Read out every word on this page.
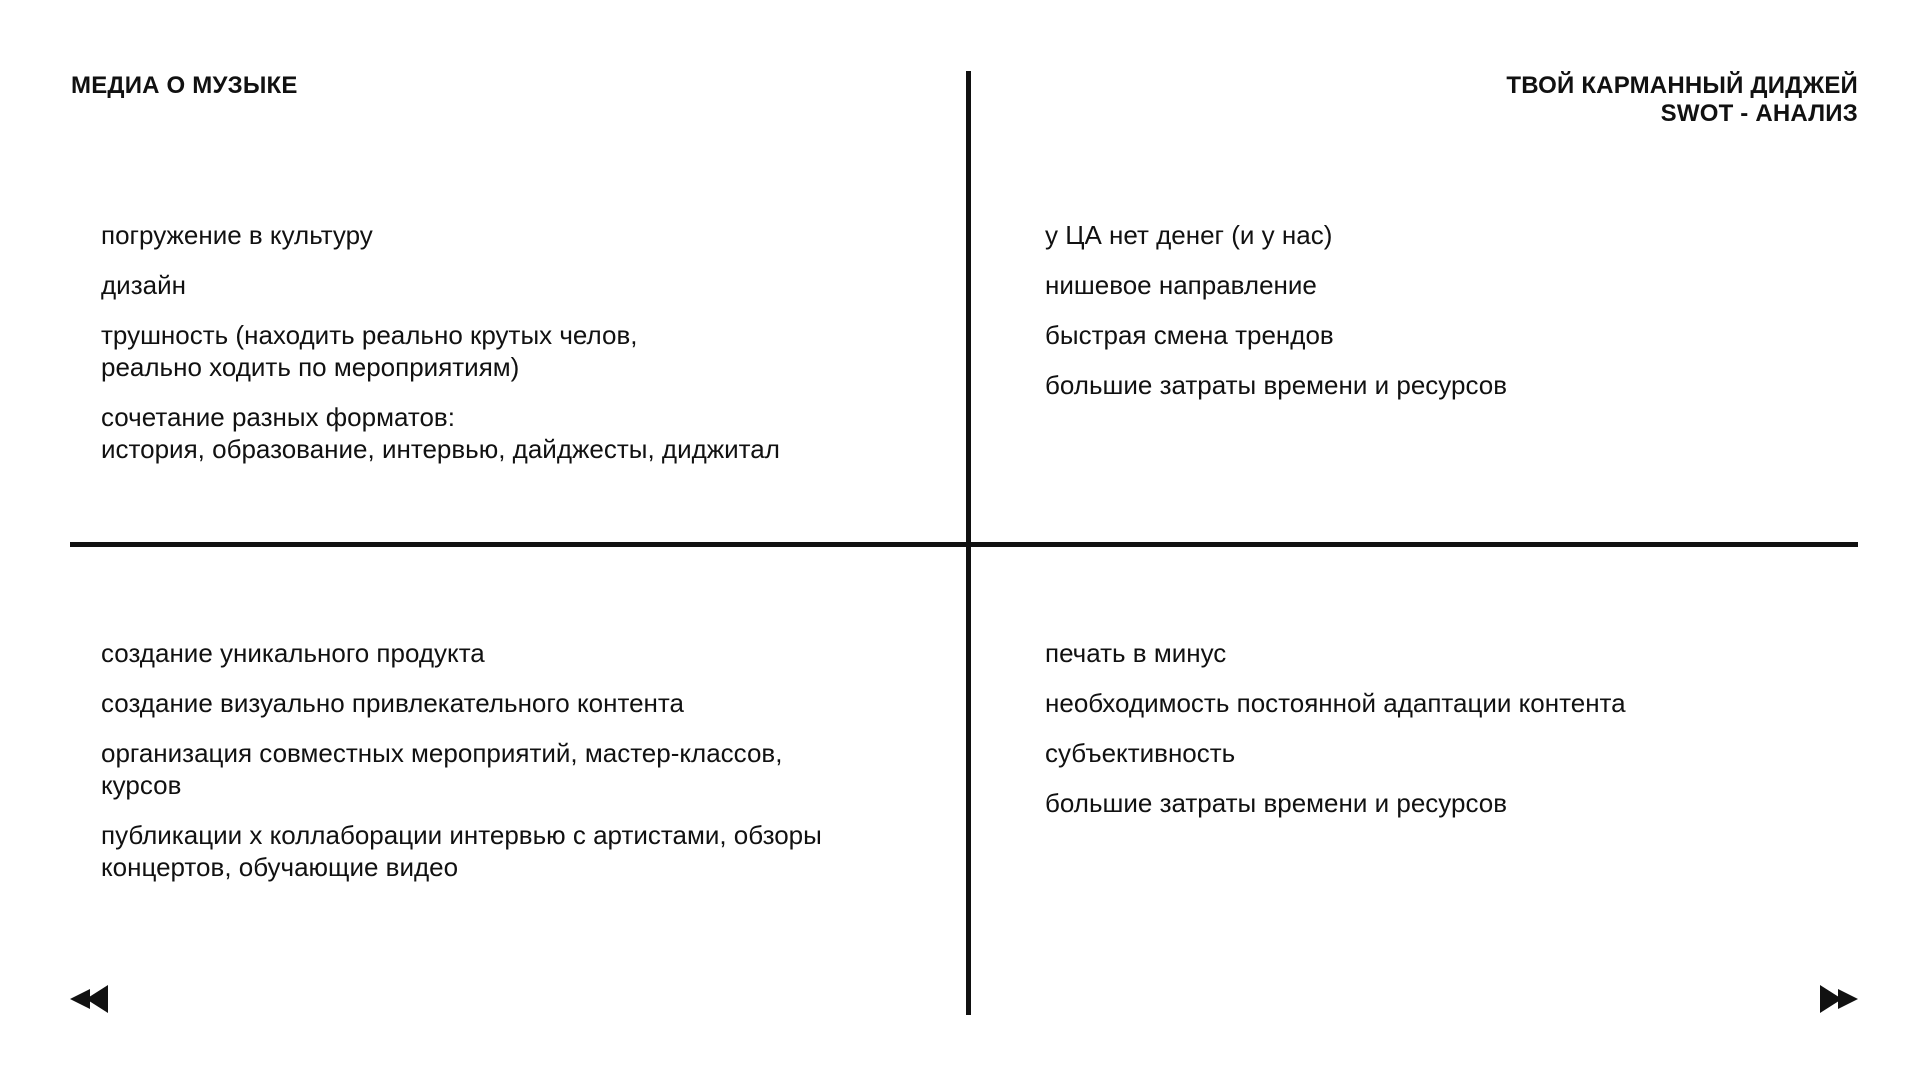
МЕДИА О МУЗЫКЕ	ТВОЙ КАРМАННЫЙ ДИДЖЕЙ
SWOT - АНАЛИЗ
погружение в культуру
дизайн
трушность (находить реально крутых челов,
реально ходить по мероприятиям)
сочетание разных форматов:
история, образование, интервью, дайджесты, диджитал
у ЦА нет денег (и у нас)
нишевое направление
быстрая смена трендов
большие затраты времени и ресурсов
создание уникального продукта
создание визуально привлекательного контента
организация совместных мероприятий, мастер-классов,
курсов
публикации х коллаборации интервью с артистами, обзоры
концертов, обучающие видео
печать в минус
необходимость постоянной адаптации контента
субъективность
большие затраты времени и ресурсов
